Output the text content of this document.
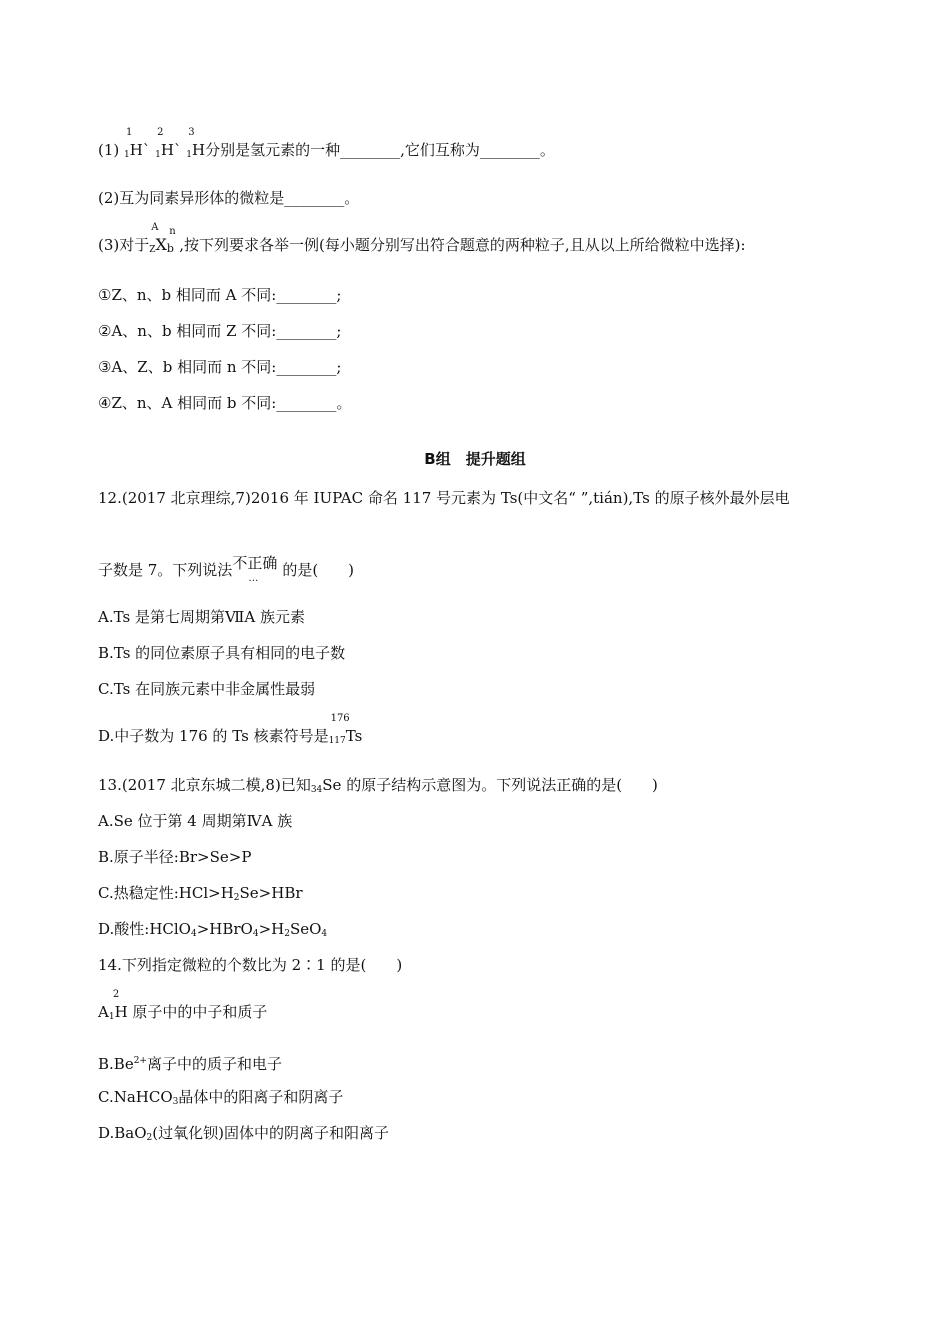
(1)
1
$_1$H`
2
$_1$H`
3
$_1$H分别是氢元素的一种________,它们互称为________。
(2)互为同素异形体的微粒是________。
(3)对于
A
$_Z$X
n
b ,按下列要求各举一例(每小题分别写出符合题意的两种粒子,且从以上所给微粒中选择):
①Z、n、b 相同而 A 不同:________;
②A、n、b 相同而 Z 不同:________;
③A、Z、b 相同而 n 不同:________;
④Z、n、A 相同而 b 不同:________。
B组　提升题组
12.(2017 北京理综,7)2016 年 IUPAC 命名 117 号元素为 Ts(中文名“ ”,tián),Ts 的原子核外最外层电
子数是 7。下列说法 不正确
… 的是(　　)
A.Ts 是第七周期第ⅦA 族元素
B.Ts 的同位素原子具有相同的电子数
C.Ts 在同族元素中非金属性最弱
D.中子数为 176 的 Ts 核素符号是
176
$_{117}$Ts
13.(2017 北京东城二模,8)已知$_{34}$Se 的原子结构示意图为。下列说法正确的是(　　)
A.Se 位于第 4 周期第ⅣA 族
B.原子半径:Br>Se>P
C.热稳定性$:HCl>H_2Se>HBr$
D.酸性$:HClO_4>HBrO_4>H_2SeO_4$
14.下列指定微粒的个数比为 2∶1 的是(　　)
A
2
$_1$H 原子中的中子和质子
$B.Be^{2+}$离子中的质子和电子
C.NaHCO$_3$晶体中的阳离子和阴离子
D.BaO$_2$(过氧化钡)固体中的阴离子和阳离子
